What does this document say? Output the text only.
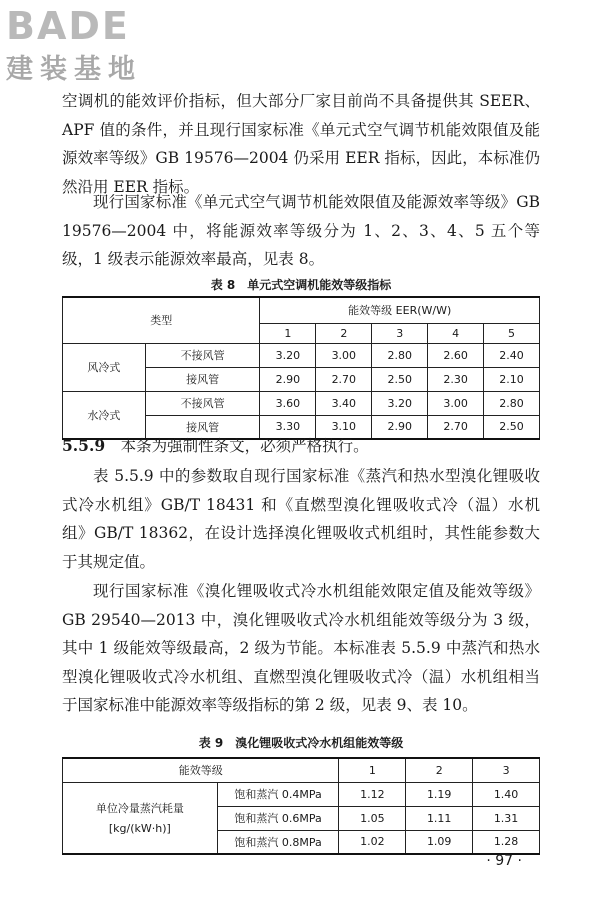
BADE
建装基地

空调机的能效评价指标，但大部分厂家目前尚不具备提供其 SEER、APF 值的条件，并且现行国家标准《单元式空气调节机能效限值及能源效率等级》GB 19576—2004 仍采用 EER 指标，因此，本标准仍然沿用 EER 指标。

现行国家标准《单元式空气调节机能效限值及能源效率等级》GB 19576—2004 中，将能源效率等级分为 1、2、3、4、5 五个等级，1 级表示能源效率最高，见表 8。

表 8　单元式空调机能效等级指标
类型		能效等级 EER(W/W)				
		1	2	3	4	5
风冷式	不接风管	3.20	3.00	2.80	2.60	2.40
	接风管	2.90	2.70	2.50	2.30	2.10
水冷式	不接风管	3.60	3.40	3.20	3.00	2.80
	接风管	3.30	3.10	2.90	2.70	2.50

5.5.9　 本条为强制性条文，必须严格执行。

表 5.5.9 中的参数取自现行国家标准《蒸汽和热水型溴化锂吸收式冷水机组》GB/T 18431 和《直燃型溴化锂吸收式冷（温）水机组》GB/T 18362，在设计选择溴化锂吸收式机组时，其性能参数大于其规定值。

现行国家标准《溴化锂吸收式冷水机组能效限定值及能效等级》GB 29540—2013 中，溴化锂吸收式冷水机组能效等级分为 3 级，其中 1 级能效等级最高，2 级为节能。本标准表 5.5.9 中蒸汽和热水型溴化锂吸收式冷水机组、直燃型溴化锂吸收式冷（温）水机组相当于国家标准中能源效率等级指标的第 2 级，见表 9、表 10。

表 9　溴化锂吸收式冷水机组能效等级
能效等级		1	2	3

单位冷量蒸汽耗量
[kg/(kW·h)]	饱和蒸汽 0.4MPa	1.12	1.19	1.40
	饱和蒸汽 0.6MPa	1.05	1.11	1.31
	饱和蒸汽 0.8MPa	1.02	1.09	1.28
· 97 ·
